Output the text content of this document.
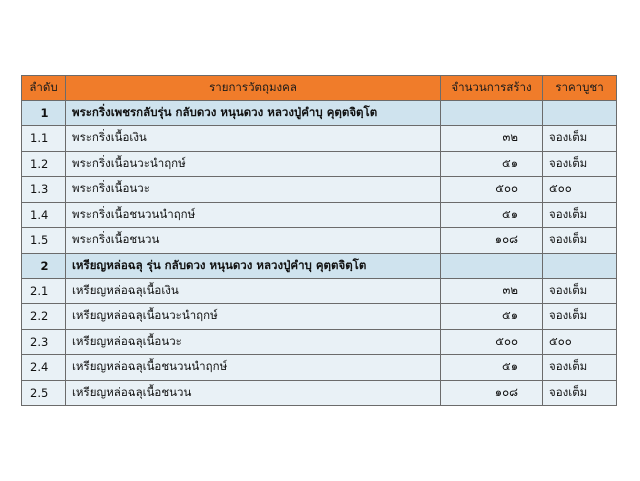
ลำดับ	รายการวัตถุมงคล	จำนวนการสร้าง	ราคาบูชา
1	พระกริ่งเพชรกลับรุ่น กลับดวง หนุนดวง หลวงปู่คำบุ คุตฺตจิตฺโต		
1.1	พระกริ่งเนื้อเงิน	๓๒	จองเต็ม
1.2	พระกริ่งเนื้อนวะนำฤกษ์	๕๑	จองเต็ม
1.3	พระกริ่งเนื้อนวะ	๕๐๐	๕๐๐
1.4	พระกริ่งเนื้อชนวนนำฤกษ์	๕๑	จองเต็ม
1.5	พระกริ่งเนื้อชนวน	๑๐๘	จองเต็ม
2	เหรียญหล่อฉลุ รุ่น กลับดวง หนุนดวง หลวงปู่คำบุ คุตฺตจิตฺโต		
2.1	เหรียญหล่อฉลุเนื้อเงิน	๓๒	จองเต็ม
2.2	เหรียญหล่อฉลุเนื้อนวะนำฤกษ์	๕๑	จองเต็ม
2.3	เหรียญหล่อฉลุเนื้อนวะ	๕๐๐	๕๐๐
2.4	เหรียญหล่อฉลุเนื้อชนวนนำฤกษ์	๕๑	จองเต็ม
2.5	เหรียญหล่อฉลุเนื้อชนวน	๑๐๘	จองเต็ม
